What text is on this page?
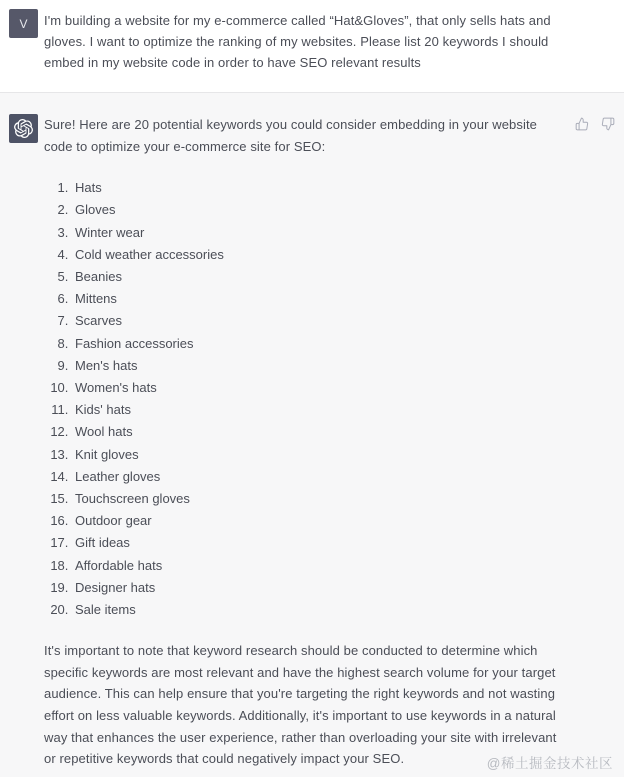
V I'm building a website for my e-commerce called “Hat&Gloves”, that only sells hats and gloves. I want to optimize the ranking of my websites. Please list 20 keywords I should embed in my website code in order to have SEO relevant results

Sure! Here are 20 potential keywords you could consider embedding in your website code to optimize your e-commerce site for SEO:

1. Hats
2. Gloves
3. Winter wear
4. Cold weather accessories
5. Beanies
6. Mittens
7. Scarves
8. Fashion accessories
9. Men's hats
10. Women's hats
11. Kids' hats
12. Wool hats
13. Knit gloves
14. Leather gloves
15. Touchscreen gloves
16. Outdoor gear
17. Gift ideas
18. Affordable hats
19. Designer hats
20. Sale items

It's important to note that keyword research should be conducted to determine which specific keywords are most relevant and have the highest search volume for your target audience. This can help ensure that you're targeting the right keywords and not wasting effort on less valuable keywords. Additionally, it's important to use keywords in a natural way that enhances the user experience, rather than overloading your site with irrelevant or repetitive keywords that could negatively impact your SEO.	@稀土掘金技术社区
